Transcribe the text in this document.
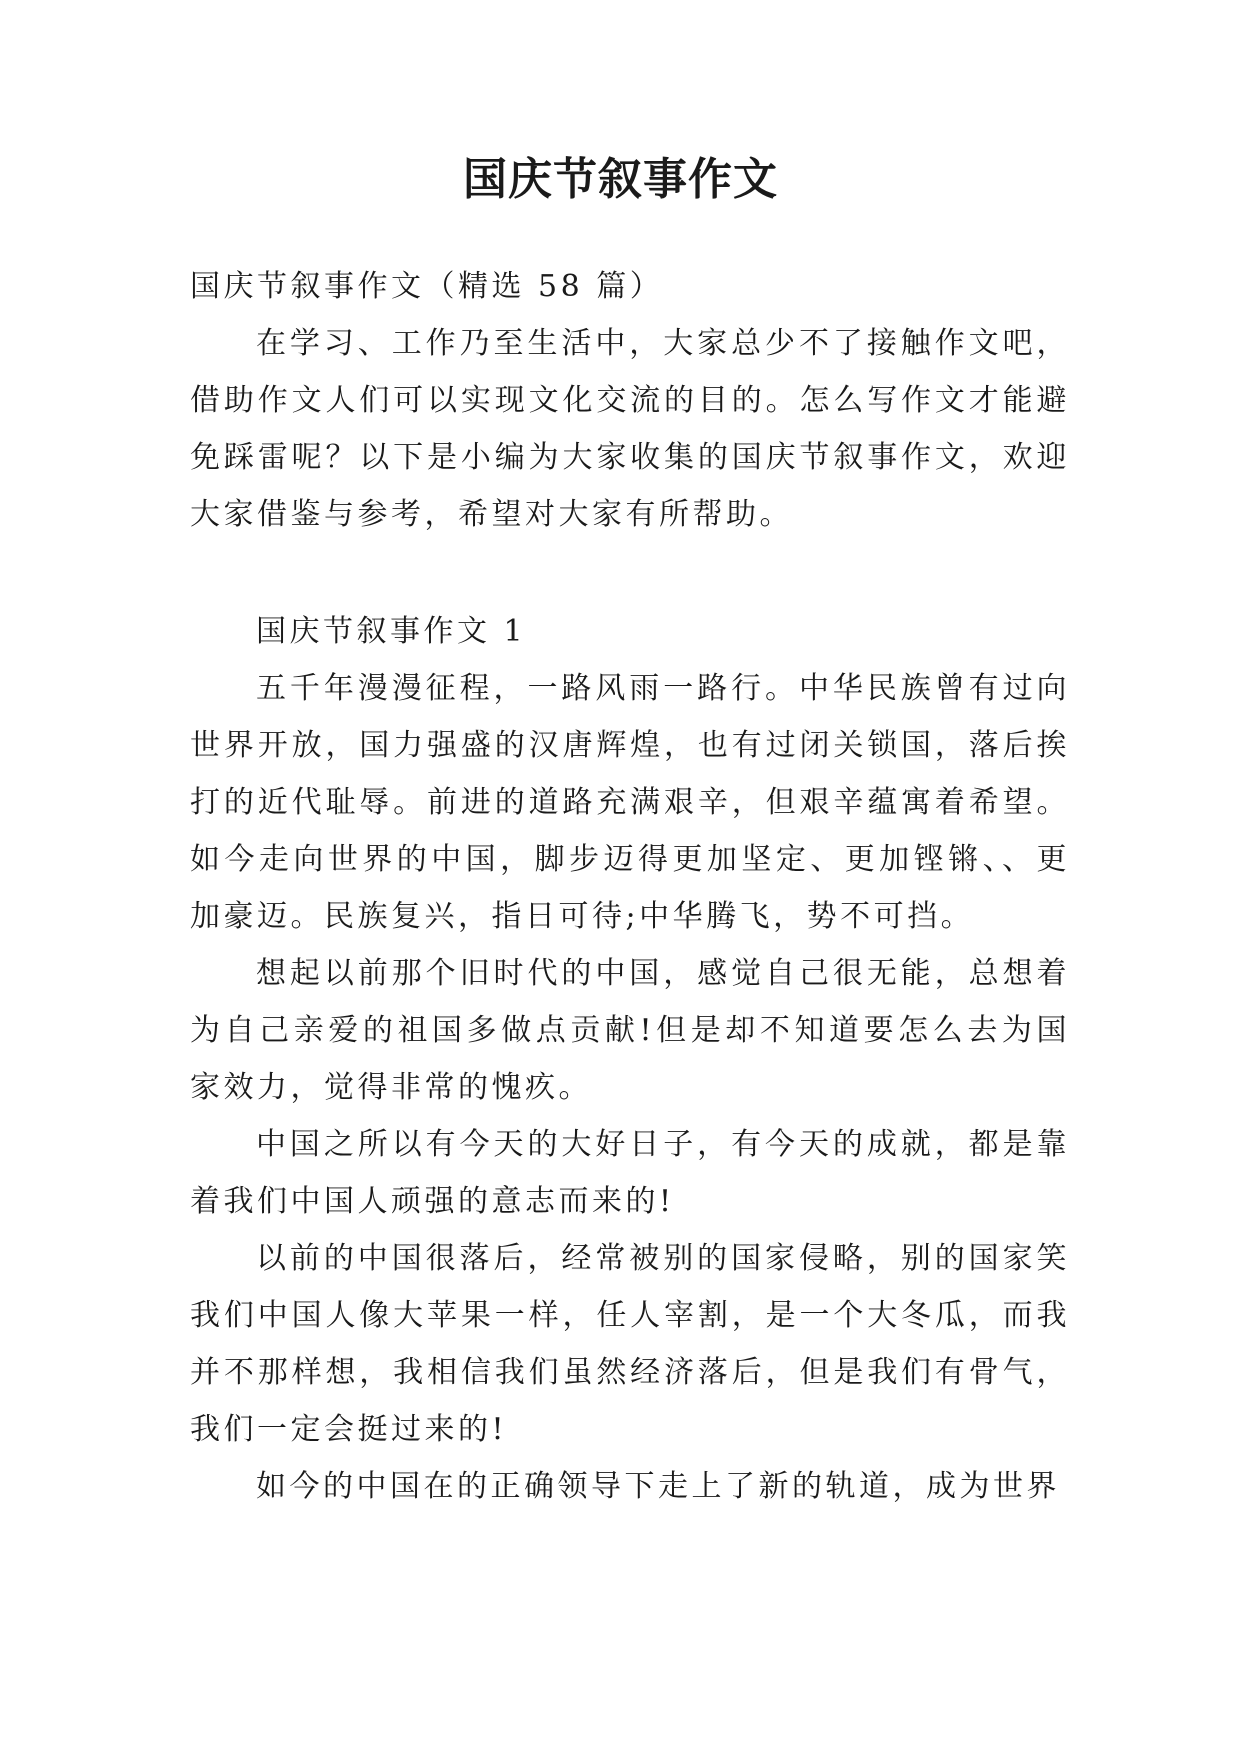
国庆节叙事作文

国庆节叙事作文（精选 58 篇）

在学习、工作乃至生活中，大家总少不了接触作文吧，借助作文人们可以实现文化交流的目的。怎么写作文才能避免踩雷呢？以下是小编为大家收集的国庆节叙事作文，欢迎大家借鉴与参考，希望对大家有所帮助。

国庆节叙事作文 1

五千年漫漫征程，一路风雨一路行。中华民族曾有过向世界开放，国力强盛的汉唐辉煌，也有过闭关锁国，落后挨打的近代耻辱。前进的道路充满艰辛，但艰辛蕴寓着希望。如今走向世界的中国，脚步迈得更加坚定、更加铿锵、、更加豪迈。民族复兴，指日可待;中华腾飞，势不可挡。

想起以前那个旧时代的中国，感觉自己很无能，总想着为自己亲爱的祖国多做点贡献!但是却不知道要怎么去为国家效力，觉得非常的愧疚。

中国之所以有今天的大好日子，有今天的成就，都是靠着我们中国人顽强的意志而来的!

以前的中国很落后，经常被别的国家侵略，别的国家笑我们中国人像大苹果一样，任人宰割，是一个大冬瓜，而我并不那样想，我相信我们虽然经济落后，但是我们有骨气，我们一定会挺过来的!

如今的中国在的正确领导下走上了新的轨道，成为世界
